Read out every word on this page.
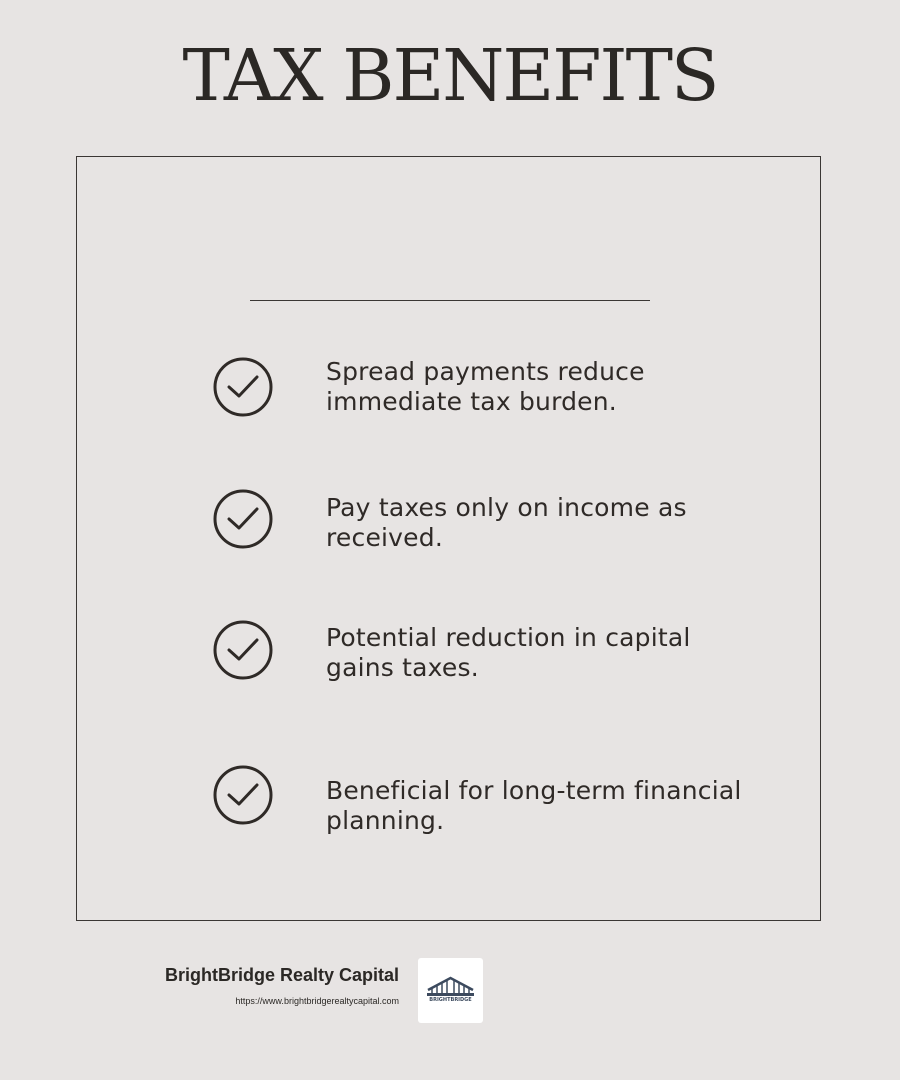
TAX BENEFITS
Spread payments reduce immediate tax burden.
Pay taxes only on income as received.
Potential reduction in capital gains taxes.
Beneficial for long-term financial planning.
BrightBridge Realty Capital
https://www.brightbridgerealtycapital.com	BRIGHTBRIDGE
